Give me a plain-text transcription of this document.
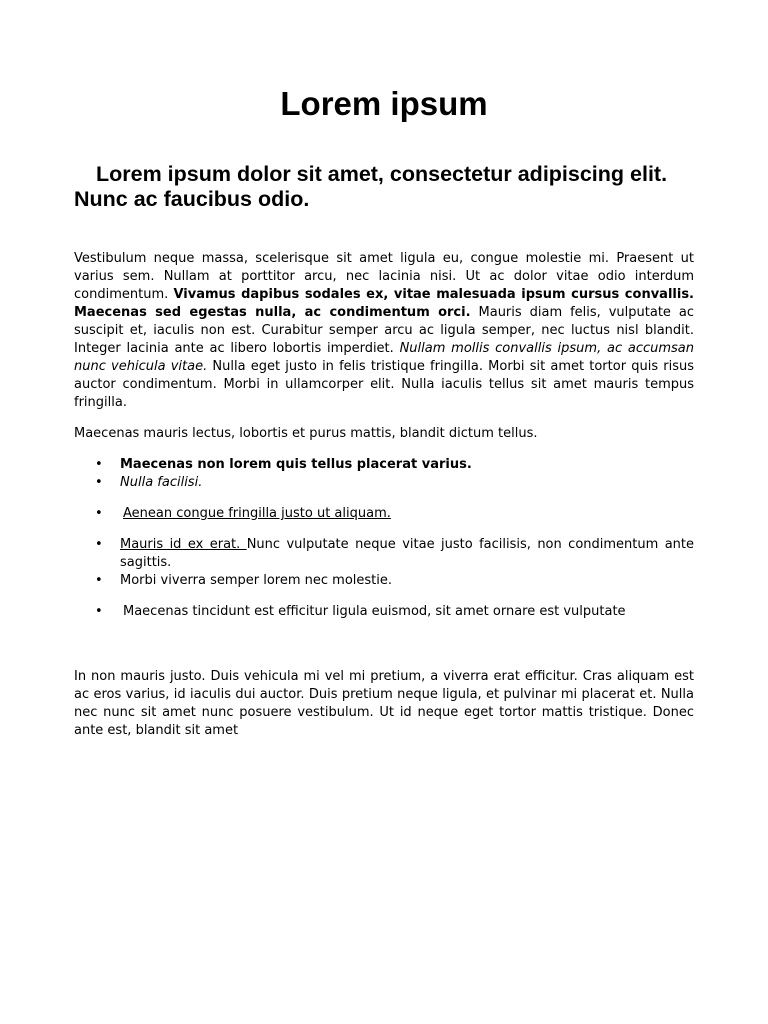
Lorem ipsum
Lorem ipsum dolor sit amet, consectetur adipiscing elit. Nunc ac faucibus odio.

Vestibulum neque massa, scelerisque sit amet ligula eu, congue molestie mi. Praesent ut varius sem. Nullam at porttitor arcu, nec lacinia nisi. Ut ac dolor vitae odio interdum condimentum. Vivamus dapibus sodales ex, vitae malesuada ipsum cursus convallis. Maecenas sed egestas nulla, ac condimentum orci. Mauris diam felis, vulputate ac suscipit et, iaculis non est. Curabitur semper arcu ac ligula semper, nec luctus nisl blandit. Integer lacinia ante ac libero lobortis imperdiet. Nullam mollis convallis ipsum, ac accumsan nunc vehicula vitae. Nulla eget justo in felis tristique fringilla. Morbi sit amet tortor quis risus auctor condimentum. Morbi in ullamcorper elit. Nulla iaculis tellus sit amet mauris tempus fringilla.

Maecenas mauris lectus, lobortis et purus mattis, blandit dictum tellus.

• Maecenas non lorem quis tellus placerat varius.
• Nulla facilisi.
• Aenean congue fringilla justo ut aliquam.
• Mauris id ex erat. Nunc vulputate neque vitae justo facilisis, non condimentum ante sagittis.
• Morbi viverra semper lorem nec molestie.
• Maecenas tincidunt est efficitur ligula euismod, sit amet ornare est vulputate

In non mauris justo. Duis vehicula mi vel mi pretium, a viverra erat efficitur. Cras aliquam est ac eros varius, id iaculis dui auctor. Duis pretium neque ligula, et pulvinar mi placerat et. Nulla nec nunc sit amet nunc posuere vestibulum. Ut id neque eget tortor mattis tristique. Donec ante est, blandit sit amet
